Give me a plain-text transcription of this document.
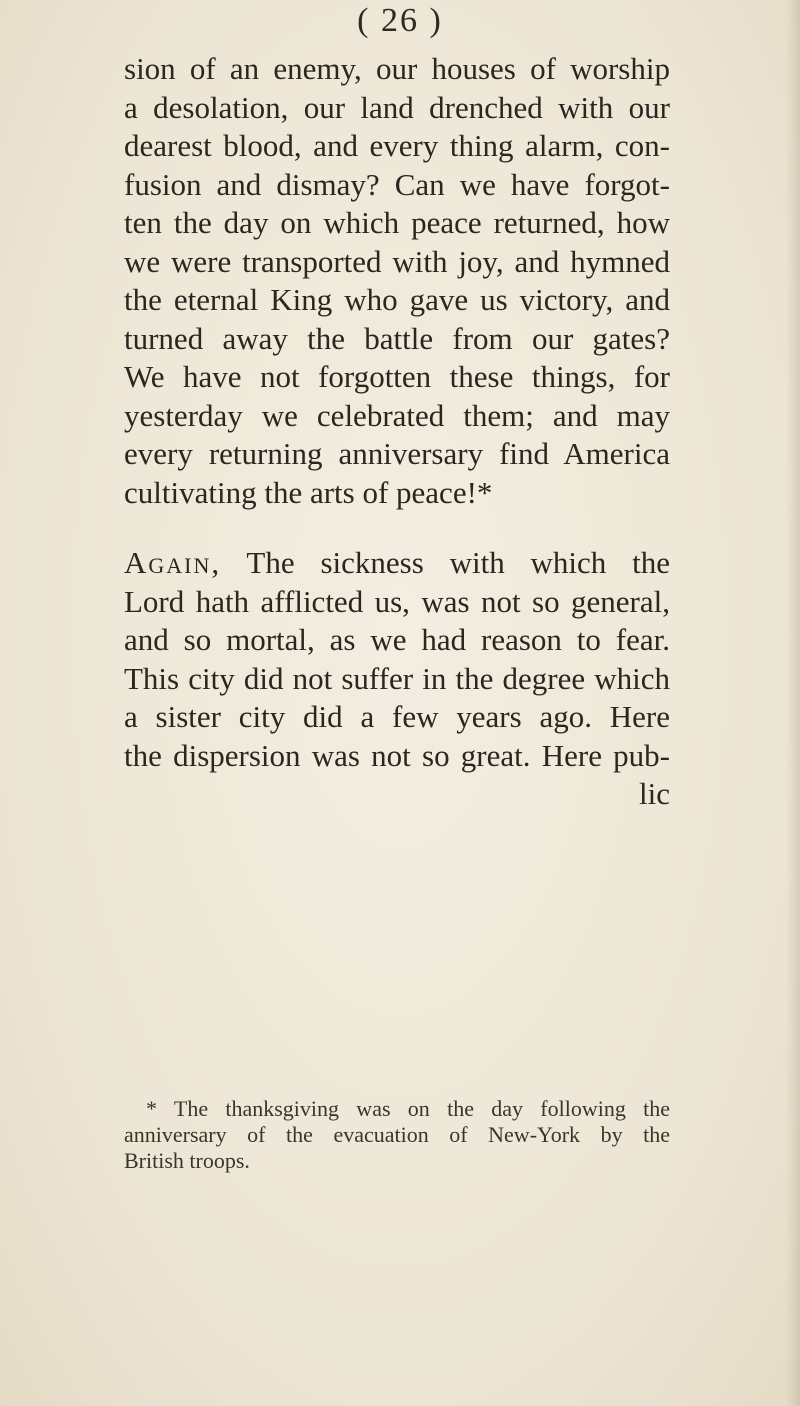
( 26 )
sion of an enemy, our houses of worship
a desolation, our land drenched with our
dearest blood, and every thing alarm, con-
fusion and dismay? Can we have forgot-
ten the day on which peace returned, how
we were transported with joy, and hymned
the eternal King who gave us victory, and
turned away the battle from our gates?
We have not forgotten these things, for
yesterday we celebrated them; and may
every returning anniversary find America
cultivating the arts of peace!*
Again, The sickness with which the
Lord hath afflicted us, was not so general,
and so mortal, as we had reason to fear.
This city did not suffer in the degree which
a sister city did a few years ago. Here
the dispersion was not so great. Here pub-
lic
* The thanksgiving was on the day following the
anniversary of the evacuation of New-York by the
British troops.
